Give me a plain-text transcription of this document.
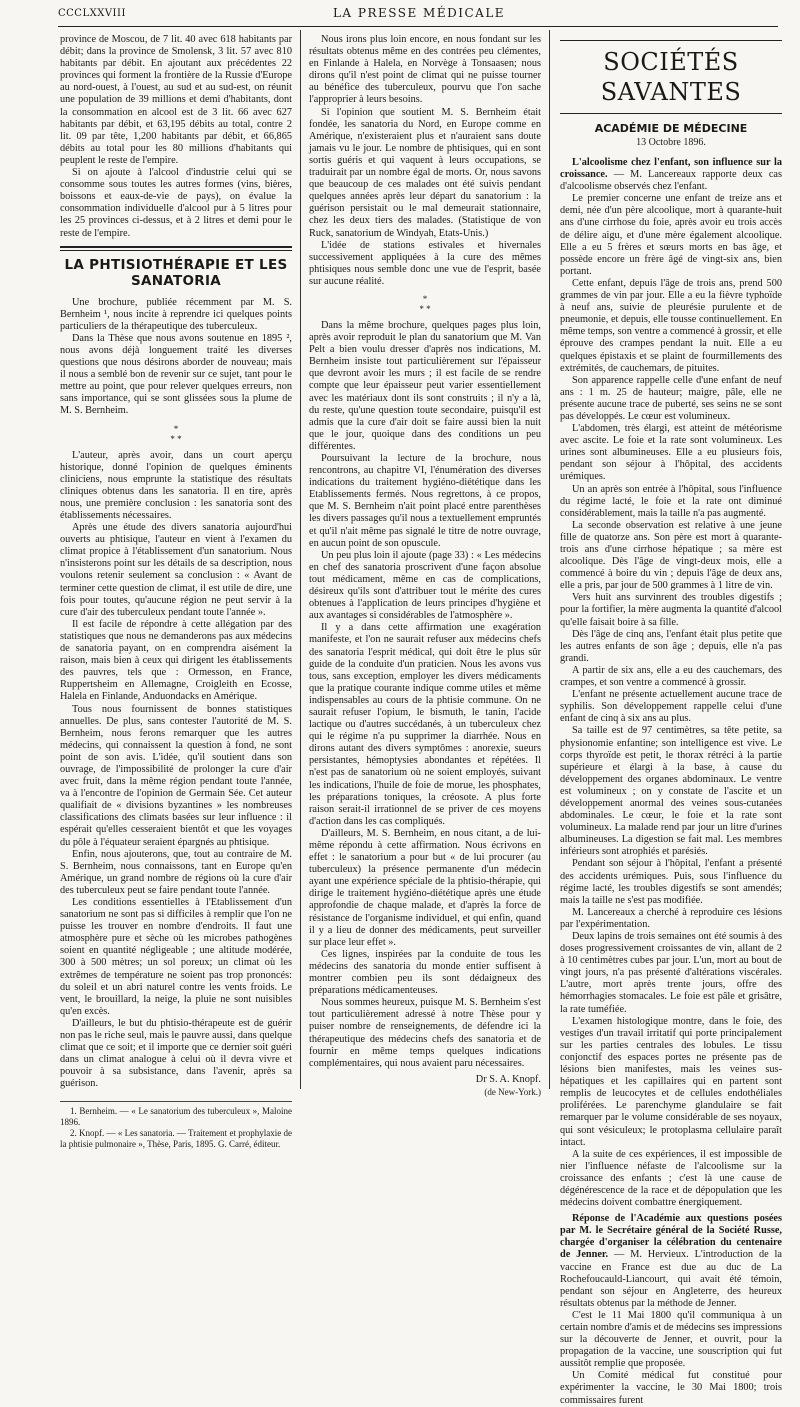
CCCLXXVIII	LA PRESSE MÉDICALE

province de Moscou, de 7 lit. 40 avec 618 habitants par débit; dans la province de Smolensk, 3 lit. 57 avec 810 habitants par débit. En ajoutant aux précédentes 22 provinces qui forment la frontière de la Russie d'Europe au nord-ouest, à l'ouest, au sud et au sud-est, on réunit une population de 39 millions et demi d'habitants, dont la consommation en alcool est de 3 lit. 66 avec 627 habitants par débit, et 63,195 débits au total, contre 2 lit. 09 par tête, 1,200 habitants par débit, et 66,865 débits au total pour les 80 millions d'habitants qui peuplent le reste de l'empire.

Si on ajoute à l'alcool d'industrie celui qui se consomme sous toutes les autres formes (vins, bières, boissons et eaux-de-vie de pays), on évalue la consommation individuelle d'alcool pur à 5 litres pour les 25 provinces ci-dessus, et à 2 litres et demi pour le reste de l'empire.

LA PHTISIOTHÉRAPIE ET LES SANATORIA

Une brochure, publiée récemment par M. S. Bernheim ¹, nous incite à reprendre ici quelques points particuliers de la thérapeutique des tuberculeux.

Dans la Thèse que nous avons soutenue en 1895 ², nous avons déjà longuement traité les diverses questions que nous désirons aborder de nouveau; mais il nous a semblé bon de revenir sur ce sujet, tant pour le mettre au point, que pour relever quelques erreurs, non sans importance, qui se sont glissées sous la plume de M. S. Bernheim.

*
* *

L'auteur, après avoir, dans un court aperçu historique, donné l'opinion de quelques éminents cliniciens, nous emprunte la statistique des résultats cliniques obtenus dans les sanatoria. Il en tire, après nous, une première conclusion : les sanatoria sont des établissements nécessaires.

Après une étude des divers sanatoria aujourd'hui ouverts au phtisique, l'auteur en vient à l'examen du climat propice à l'établissement d'un sanatorium. Nous n'insisterons point sur les détails de sa description, nous voulons retenir seulement sa conclusion : « Avant de terminer cette question de climat, il est utile de dire, une fois pour toutes, qu'aucune région ne peut servir à la cure d'air des tuberculeux pendant toute l'année ».

Il est facile de répondre à cette allégation par des statistiques que nous ne demanderons pas aux médecins de sanatoria payant, on en comprendra aisément la raison, mais bien à ceux qui dirigent les établissements des pauvres, tels que : Ormesson, en France, Ruppertsheim en Allemagne, Croigleith en Ecosse, Halela en Finlande, Anduondacks en Amérique.

Tous nous fournissent de bonnes statistiques annuelles. De plus, sans contester l'autorité de M. S. Bernheim, nous ferons remarquer que les autres médecins, qui connaissent la question à fond, ne sont point de son avis. L'idée, qu'il soutient dans son ouvrage, de l'impossibilité de prolonger la cure d'air avec fruit, dans la même région pendant toute l'année, va à l'encontre de l'opinion de Germain Sée. Cet auteur qualifiait de « divisions byzantines » les nombreuses classifications des climats basées sur leur influence : il espérait qu'elles cesseraient bientôt et que les voyages du pôle à l'équateur seraient épargnés au phtisique.

Enfin, nous ajouterons, que, tout au contraire de M. S. Bernheim, nous connaissons, tant en Europe qu'en Amérique, un grand nombre de régions où la cure d'air des tuberculeux peut se faire pendant toute l'année.

Les conditions essentielles à l'Etablissement d'un sanatorium ne sont pas si difficiles à remplir que l'on ne puisse les trouver en nombre d'endroits. Il faut une atmosphère pure et sèche où les microbes pathogènes soient en quantité négligeable ; une altitude modérée, 300 à 500 mètres; un sol poreux; un climat où les extrêmes de température ne soient pas trop prononcés: du soleil et un abri naturel contre les vents froids. Le vent, le brouillard, la neige, la pluie ne sont nuisibles qu'en excès.

D'ailleurs, le but du phtisio-thérapeute est de guérir non pas le riche seul, mais le pauvre aussi, dans quelque climat que ce soit; et il importe que ce dernier soit guéri dans un climat analogue à celui où il devra vivre et pouvoir à sa subsistance, dans l'avenir, après sa guérison.

1. Bernheim. — « Le sanatorium des tuberculeux », Maloine 1896.

2. Knopf. — « Les sanatoria. — Traitement et prophylaxie de la phtisie pulmonaire », Thèse, Paris, 1895. G. Carré, éditeur.

Nous irons plus loin encore, en nous fondant sur les résultats obtenus même en des contrées peu clémentes, en Finlande à Halela, en Norvège à Tonsaasen; nous dirons qu'il n'est point de climat qui ne puisse tourner au bénéfice des tuberculeux, pourvu que l'on sache l'approprier à leurs besoins.

Si l'opinion que soutient M. S. Bernheim était fondée, les sanatoria du Nord, en Europe comme en Amérique, n'existeraient plus et n'auraient sans doute jamais vu le jour. Le nombre de phtisiques, qui en sont sortis guéris et qui vaquent à leurs occupations, se traduirait par un nombre égal de morts. Or, nous savons que beaucoup de ces malades ont été suivis pendant quelques années après leur départ du sanatorium : la guérison persistait ou le mal demeurait stationnaire, chez les deux tiers des malades. (Statistique de von Ruck, sanatorium de Windyah, Etats-Unis.)

L'idée de stations estivales et hivernales successivement appliquées à la cure des mêmes phtisiques nous semble donc une vue de l'esprit, basée sur aucune réalité.

*
* *

Dans la même brochure, quelques pages plus loin, après avoir reproduit le plan du sanatorium que M. Van Pelt a bien voulu dresser d'après nos indications, M. Bernheim insiste tout particulièrement sur l'épaisseur que devront avoir les murs ; il est facile de se rendre compte que leur épaisseur peut varier essentiellement avec les matériaux dont ils sont construits ; il n'y a là, du reste, qu'une question toute secondaire, puisqu'il est admis que la cure d'air doit se faire aussi bien la nuit que le jour, quoique dans des conditions un peu différentes.

Poursuivant la lecture de la brochure, nous rencontrons, au chapitre VI, l'énumération des diverses indications du traitement hygiéno-diététique dans les Etablissements fermés. Nous regrettons, à ce propos, que M. S. Bernheim n'ait point placé entre parenthèses les divers passages qu'il nous a textuellement empruntés et qu'il n'ait même pas signalé le titre de notre ouvrage, en aucun point de son opuscule.

Un peu plus loin il ajoute (page 33) : « Les médecins en chef des sanatoria proscrivent d'une façon absolue tout médicament, même en cas de complications, désireux qu'ils sont d'attribuer tout le mérite des cures obtenues à l'application de leurs principes d'hygiène et aux avantages si considérables de l'atmosphère ».

Il y a dans cette affirmation une exagération manifeste, et l'on ne saurait refuser aux médecins chefs des sanatoria l'esprit médical, qui doit être le plus sûr guide de la conduite d'un praticien. Nous les avons vus tous, sans exception, employer les divers médicaments que la pratique courante indique comme utiles et même indispensables au cours de la phtisie commune. On ne saurait refuser l'opium, le bismuth, le tanin, l'acide lactique ou d'autres succédanés, à un tuberculeux chez qui le régime n'a pu supprimer la diarrhée. Nous en dirons autant des divers symptômes : anorexie, sueurs persistantes, hémoptysies abondantes et répétées. Il n'est pas de sanatorium où ne soient employés, suivant les indications, l'huile de foie de morue, les phosphates, les préparations toniques, la créosote. A plus forte raison serait-il irrationnel de se priver de ces moyens d'action dans les cas compliqués.

D'ailleurs, M. S. Bernheim, en nous citant, a de lui-même répondu à cette affirmation. Nous écrivons en effet : le sanatorium a pour but « de lui procurer (au tuberculeux) la présence permanente d'un médecin ayant une expérience spéciale de la phtisio-thérapie, qui dirige le traitement hygiéno-diététique après une étude approfondie de chaque malade, et d'après la force de résistance de l'organisme individuel, et qui enfin, quand il y a lieu de donner des médicaments, peut surveiller sur place leur effet ».

Ces lignes, inspirées par la conduite de tous les médecins des sanatoria du monde entier suffisent à montrer combien peu ils sont dédaigneux des préparations médicamenteuses.

Nous sommes heureux, puisque M. S. Bernheim s'est tout particulièrement adressé à notre Thèse pour y puiser nombre de renseignements, de défendre ici la thérapeutique des médecins chefs des sanatoria et de fournir en même temps quelques indications complémentaires, qui nous avaient paru nécessaires.

Dr S. A. Knopf.
(de New-York.)
SOCIÉTÉS SAVANTES
ACADÉMIE DE MÉDECINE
13 Octobre 1896.

L'alcoolisme chez l'enfant, son influence sur la croissance. — M. Lancereaux rapporte deux cas d'alcoolisme observés chez l'enfant.

Le premier concerne une enfant de treize ans et demi, née d'un père alcoolique, mort à quarante-huit ans d'une cirrhose du foie, après avoir eu trois accès de délire aigu, et d'une mère également alcoolique. Elle a eu 5 frères et sœurs morts en bas âge, et possède encore un frère âgé de vingt-six ans, bien portant.

Cette enfant, depuis l'âge de trois ans, prend 500 grammes de vin par jour. Elle a eu la fièvre typhoïde à neuf ans, suivie de pleurésie purulente et de pneumonie, et depuis, elle tousse continuellement. En même temps, son ventre a commencé à grossir, et elle éprouve des crampes pendant la nuit. Elle a eu quelques épistaxis et se plaint de fourmillements des extrémités, de cauchemars, de pituites.

Son apparence rappelle celle d'une enfant de neuf ans : 1 m. 25 de hauteur; maigre, pâle, elle ne présente aucune trace de puberté, ses seins ne se sont pas développés. Le cœur est volumineux.

L'abdomen, très élargi, est atteint de météorisme avec ascite. Le foie et la rate sont volumineux. Les urines sont albumineuses. Elle a eu plusieurs fois, pendant son séjour à l'hôpital, des accidents urémiques.

Un an après son entrée à l'hôpital, sous l'influence du régime lacté, le foie et la rate ont diminué considérablement, mais la taille n'a pas augmenté.

La seconde observation est relative à une jeune fille de quatorze ans. Son père est mort à quarante-trois ans d'une cirrhose hépatique ; sa mère est alcoolique. Dès l'âge de vingt-deux mois, elle a commencé à boire du vin ; depuis l'âge de deux ans, elle a pris, par jour de 500 grammes à 1 litre de vin.

Vers huit ans survinrent des troubles digestifs ; pour la fortifier, la mère augmenta la quantité d'alcool qu'elle faisait boire à sa fille.

Dès l'âge de cinq ans, l'enfant était plus petite que les autres enfants de son âge ; depuis, elle n'a pas grandi.

A partir de six ans, elle a eu des cauchemars, des crampes, et son ventre a commencé à grossir.

L'enfant ne présente actuellement aucune trace de syphilis. Son développement rappelle celui d'une enfant de cinq à six ans au plus.

Sa taille est de 97 centimètres, sa tête petite, sa physionomie enfantine; son intelligence est vive. Le corps thyroïde est petit, le thorax rétréci à la partie supérieure et élargi à la base, à cause du développement des organes abdominaux. Le ventre est volumineux ; on y constate de l'ascite et un développement anormal des veines sous-cutanées abdominales. Le cœur, le foie et la rate sont volumineux. La malade rend par jour un litre d'urines albumineuses. La digestion se fait mal. Les membres inférieurs sont atrophiés et parésiés.

Pendant son séjour à l'hôpital, l'enfant a présenté des accidents urémiques. Puis, sous l'influence du régime lacté, les troubles digestifs se sont amendés; mais la taille ne s'est pas modifiée.

M. Lancereaux a cherché à reproduire ces lésions par l'expérimentation.

Deux lapins de trois semaines ont été soumis à des doses progressivement croissantes de vin, allant de 2 à 10 centimètres cubes par jour. L'un, mort au bout de vingt jours, n'a pas présenté d'altérations viscérales. L'autre, mort après trente jours, offre des hémorrhagies stomacales. Le foie est pâle et grisâtre, la rate tuméfiée.

L'examen histologique montre, dans le foie, des vestiges d'un travail irritatif qui porte principalement sur les parties centrales des lobules. Le tissu conjonctif des espaces portes ne présente pas de lésions bien manifestes, mais les veines sus-hépatiques et les capillaires qui en partent sont remplis de leucocytes et de cellules endothéliales proliférées. Le parenchyme glandulaire se fait remarquer par le volume considérable de ses noyaux, qui sont vésiculeux; le protoplasma cellulaire paraît intact.

A la suite de ces expériences, il est impossible de nier l'influence néfaste de l'alcoolisme sur la croissance des enfants ; c'est là une cause de dégénérescence de la race et de dépopulation que les médecins doivent combattre énergiquement.

Réponse de l'Académie aux questions posées par M. le Secrétaire général de la Société Russe, chargée d'organiser la célébration du centenaire de Jenner. — M. Hervieux. L'introduction de la vaccine en France est due au duc de La Rochefoucauld-Liancourt, qui avait été témoin, pendant son séjour en Angleterre, des heureux résultats obtenus par la méthode de Jenner.

C'est le 11 Mai 1800 qu'il communiqua à un certain nombre d'amis et de médecins ses impressions sur la découverte de Jenner, et ouvrit, pour la propagation de la vaccine, une souscription qui fut aussitôt remplie que proposée.

Un Comité médical fut constitué pour expérimenter la vaccine, le 30 Mai 1800; trois commissaires furent
